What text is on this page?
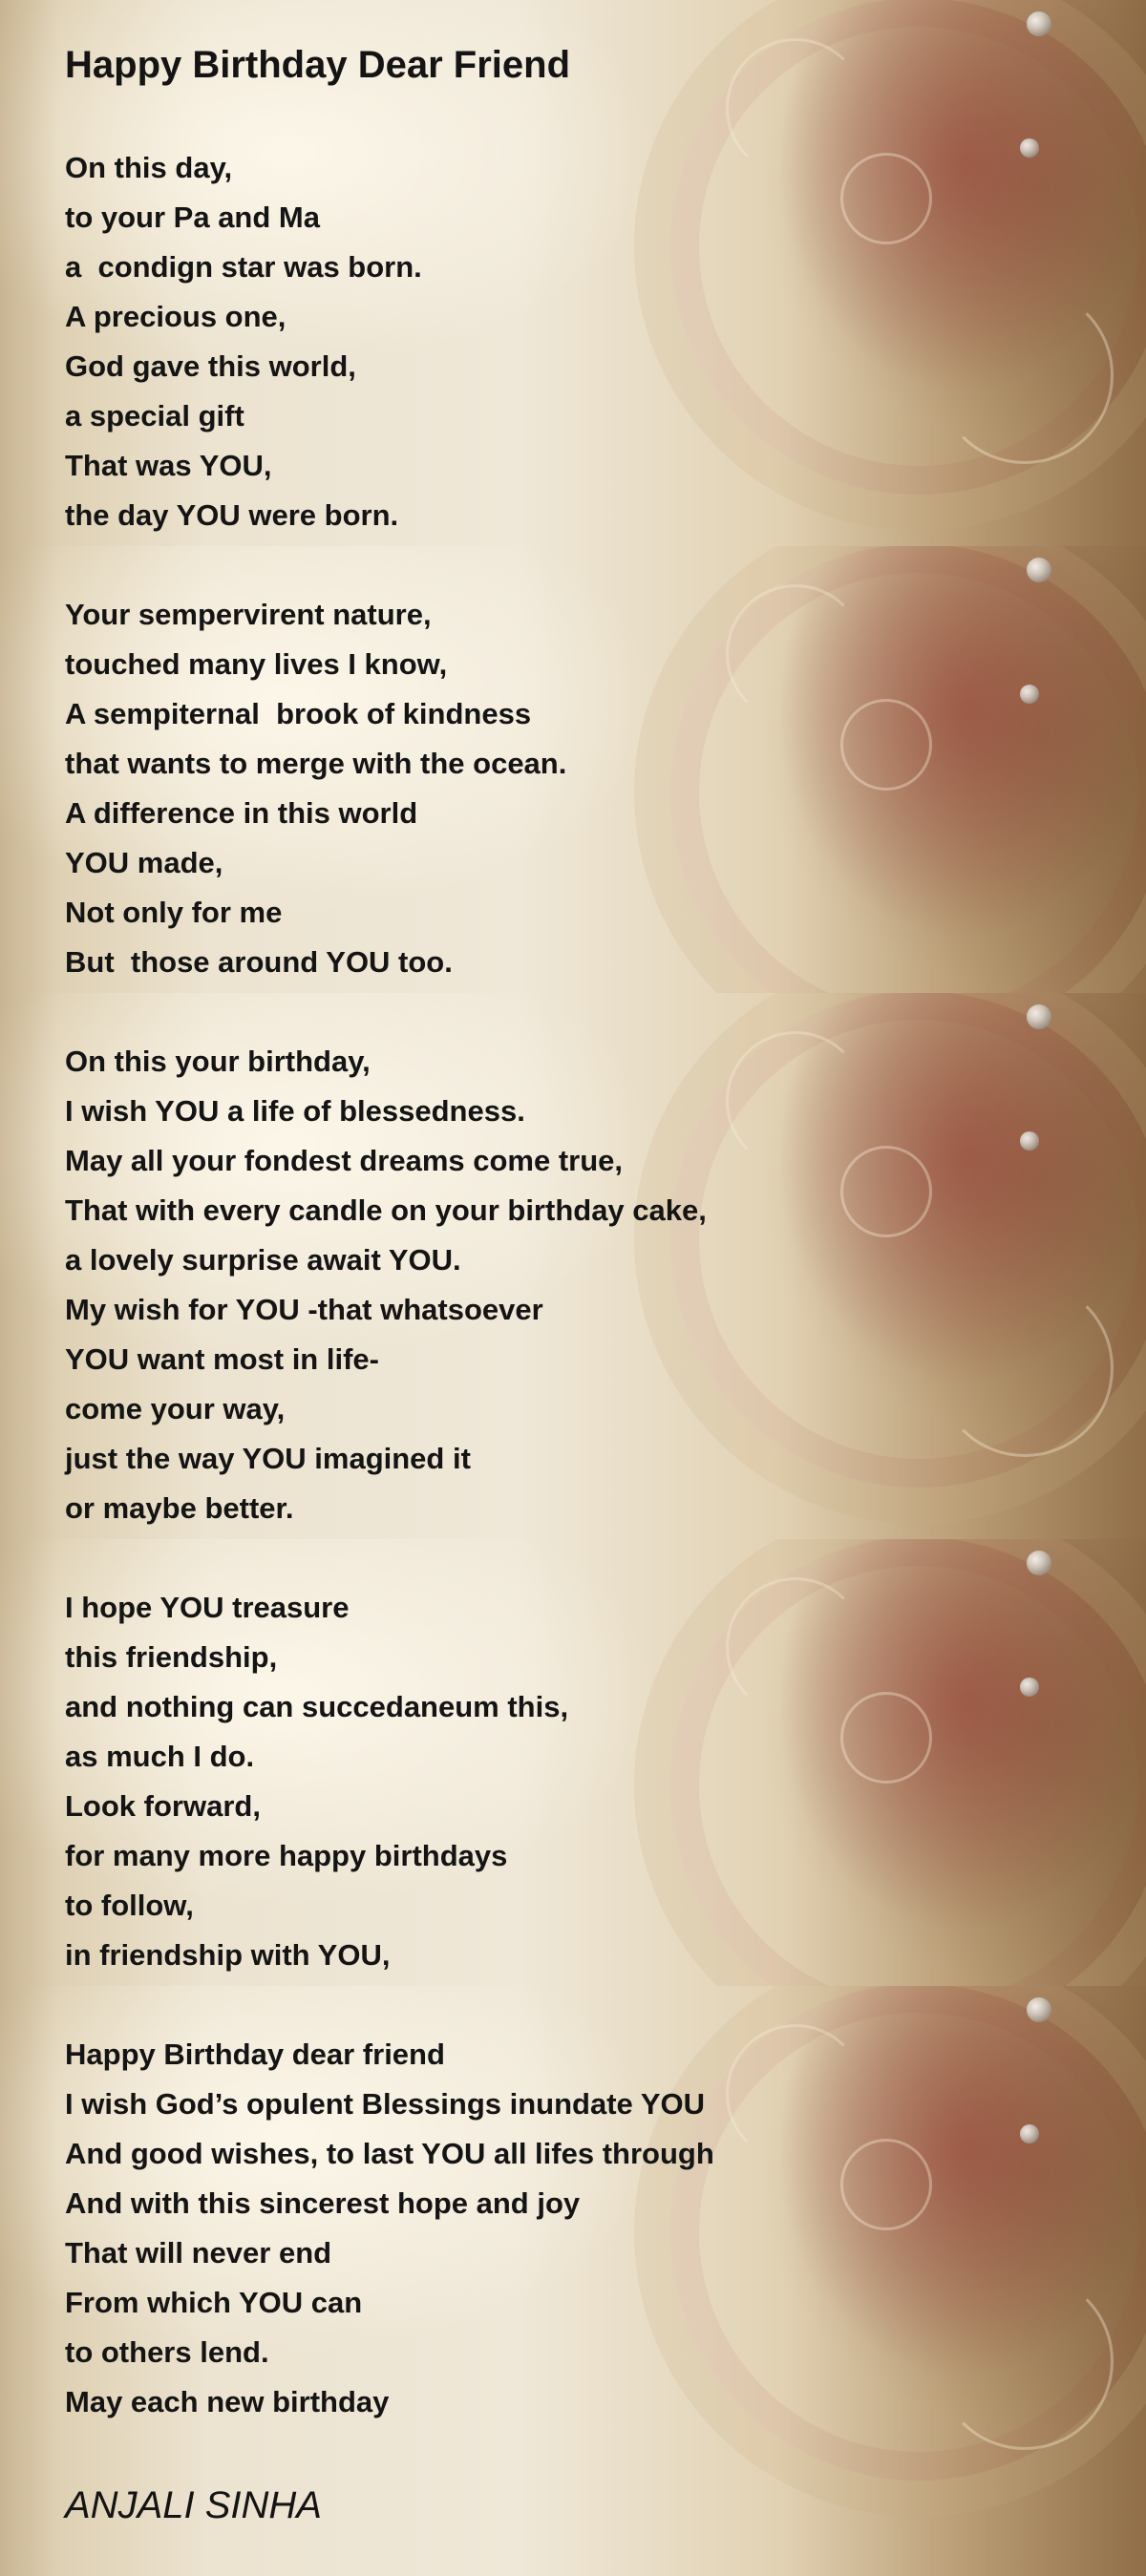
Happy Birthday Dear Friend
On this day,
to your Pa and Ma
a  condign star was born.
A precious one,
God gave this world,
a special gift
That was YOU,
the day YOU were born.
Your sempervirent nature,
touched many lives I know,
A sempiternal  brook of kindness
that wants to merge with the ocean.
A difference in this world
YOU made,
Not only for me
But  those around YOU too.
On this your birthday,
I wish YOU a life of blessedness.
May all your fondest dreams come true,
That with every candle on your birthday cake,
a lovely surprise await YOU.
My wish for YOU -that whatsoever
YOU want most in life-
come your way,
just the way YOU imagined it
or maybe better.
I hope YOU treasure
this friendship,
and nothing can succedaneum this,
as much I do.
Look forward,
for many more happy birthdays
to follow,
in friendship with YOU,
Happy Birthday dear friend
I wish God’s opulent Blessings inundate YOU
And good wishes, to last YOU all lifes through
And with this sincerest hope and joy
That will never end
From which YOU can
to others lend.
May each new birthday

ANJALI SINHA
